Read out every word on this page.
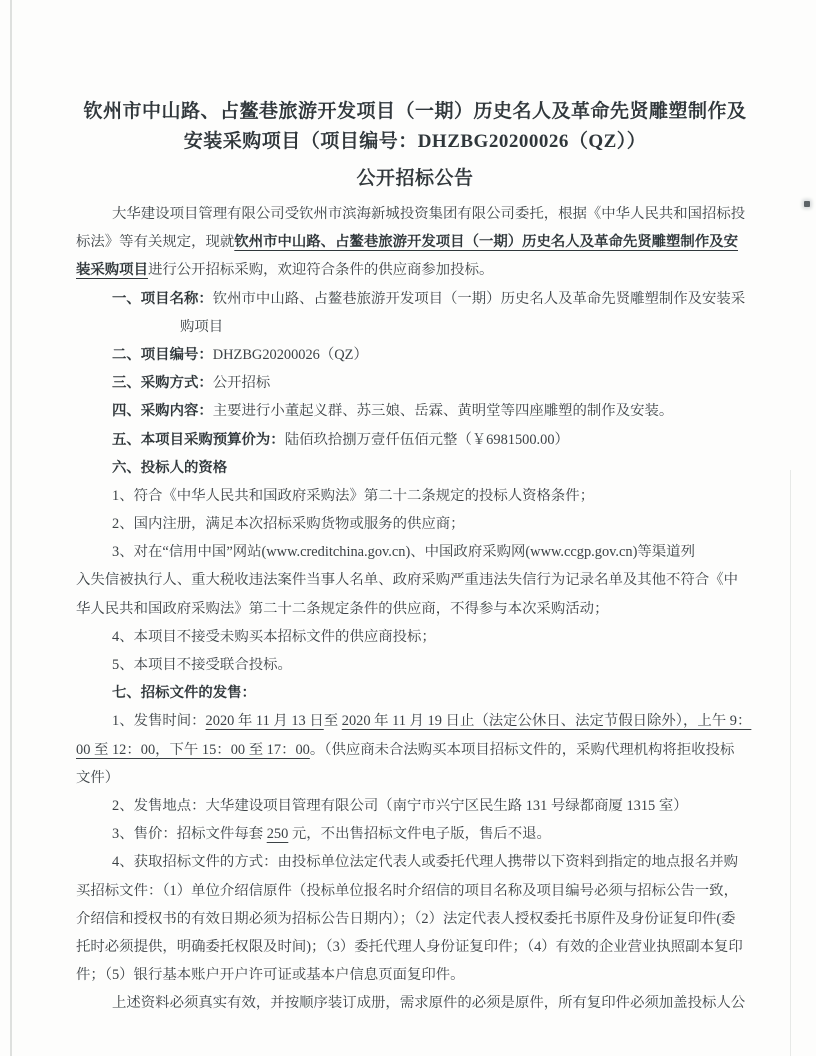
钦州市中山路、占鳌巷旅游开发项目（一期）历史名人及革命先贤雕塑制作及
安装采购项目（项目编号：DHZBG20200026（QZ））
公开招标公告
大华建设项目管理有限公司受钦州市滨海新城投资集团有限公司委托，根据《中华人民共和国招标投
标法》等有关规定，现就钦州市中山路、占鳌巷旅游开发项目（一期）历史名人及革命先贤雕塑制作及安
装采购项目进行公开招标采购，欢迎符合条件的供应商参加投标。
一、项目名称：钦州市中山路、占鳌巷旅游开发项目（一期）历史名人及革命先贤雕塑制作及安装采
购项目
二、项目编号：DHZBG20200026（QZ）
三、采购方式：公开招标
四、采购内容：主要进行小董起义群、苏三娘、岳霖、黄明堂等四座雕塑的制作及安装。
五、本项目采购预算价为：陆佰玖拾捌万壹仟伍佰元整（￥6981500.00）
六、投标人的资格
1、符合《中华人民共和国政府采购法》第二十二条规定的投标人资格条件；
2、国内注册，满足本次招标采购货物或服务的供应商；
3、对在“信用中国”网站(www.creditchina.gov.cn)、中国政府采购网(www.ccgp.gov.cn)等渠道列
入失信被执行人、重大税收违法案件当事人名单、政府采购严重违法失信行为记录名单及其他不符合《中
华人民共和国政府采购法》第二十二条规定条件的供应商，不得参与本次采购活动；
4、本项目不接受未购买本招标文件的供应商投标；
5、本项目不接受联合投标。
七、招标文件的发售：
1、发售时间：2020 年 11 月 13 日至 2020 年 11 月 19 日止（法定公休日、法定节假日除外），上午 9：
00 至 12：00，下午 15：00 至 17：00。（供应商未合法购买本项目招标文件的，采购代理机构将拒收投标
文件）
2、发售地点：大华建设项目管理有限公司（南宁市兴宁区民生路 131 号绿都商厦 1315 室）
3、售价：招标文件每套 250 元，不出售招标文件电子版，售后不退。
4、获取招标文件的方式：由投标单位法定代表人或委托代理人携带以下资料到指定的地点报名并购
买招标文件：（1）单位介绍信原件（投标单位报名时介绍信的项目名称及项目编号必须与招标公告一致，
介绍信和授权书的有效日期必须为招标公告日期内）；（2）法定代表人授权委托书原件及身份证复印件(委
托时必须提供，明确委托权限及时间)；（3）委托代理人身份证复印件；（4）有效的企业营业执照副本复印
件；（5）银行基本账户开户许可证或基本户信息页面复印件。
上述资料必须真实有效，并按顺序装订成册，需求原件的必须是原件，所有复印件必须加盖投标人公
